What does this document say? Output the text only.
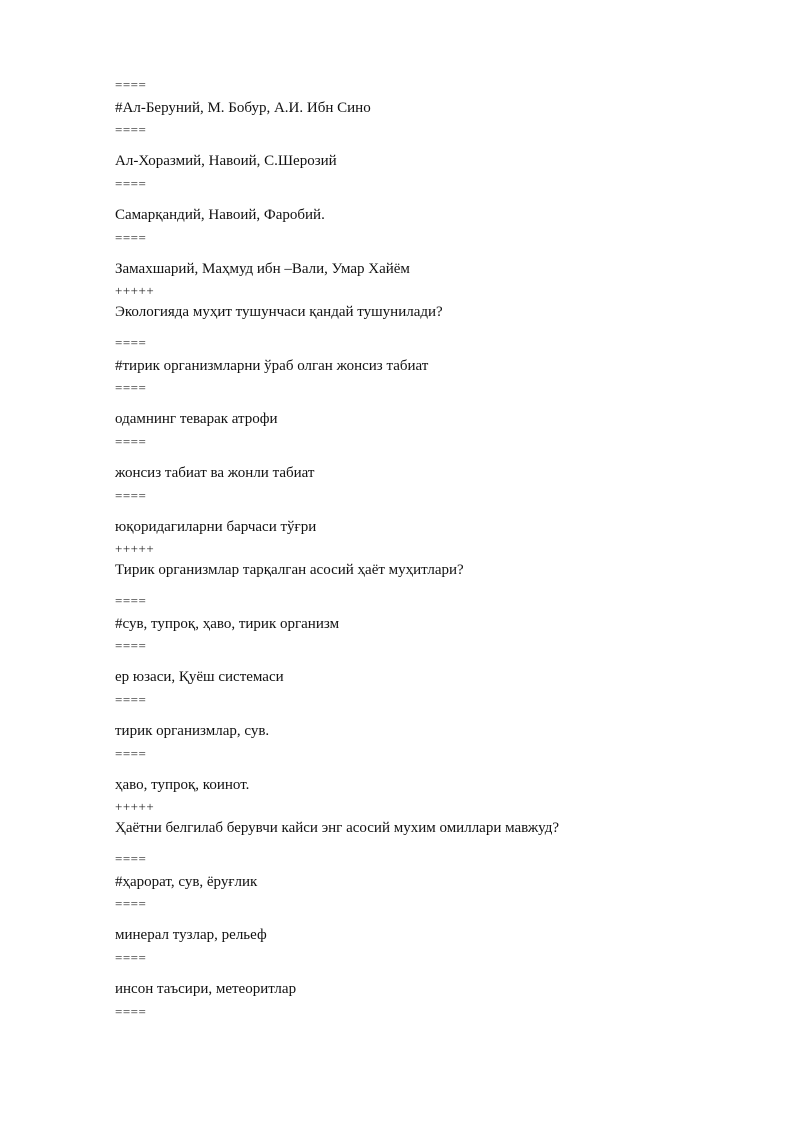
====
#Ал-Беруний, М. Бобур, А.И. Ибн Сино
====
Ал-Хоразмий, Навоий, С.Шерозий
====
Самарқандий, Навоий, Фаробий.
====
Замахшарий, Маҳмуд ибн –Вали, Умар Хайём
+++++
Экологияда муҳит тушунчаси қандай тушунилади?
====
#тирик организмларни ўраб олган жонсиз табиат
====
одамнинг теварак атрофи
====
жонсиз табиат ва жонли табиат
====
юқоридагиларни барчаси тўғри
+++++
Тирик организмлар тарқалган асосий ҳаёт муҳитлари?
====
#сув, тупроқ, ҳаво, тирик организм
====
ер юзаси, Қуёш системаси
====
тирик организмлар, сув.
====
ҳаво, тупроқ, коинот.
+++++
Ҳаётни белгилаб берувчи кайси энг асосий мухим омиллари мавжуд?
====
#ҳарорат, сув, ёруғлик
====
минерал тузлар, рельеф
====
инсон таъсири, метеоритлар
====
